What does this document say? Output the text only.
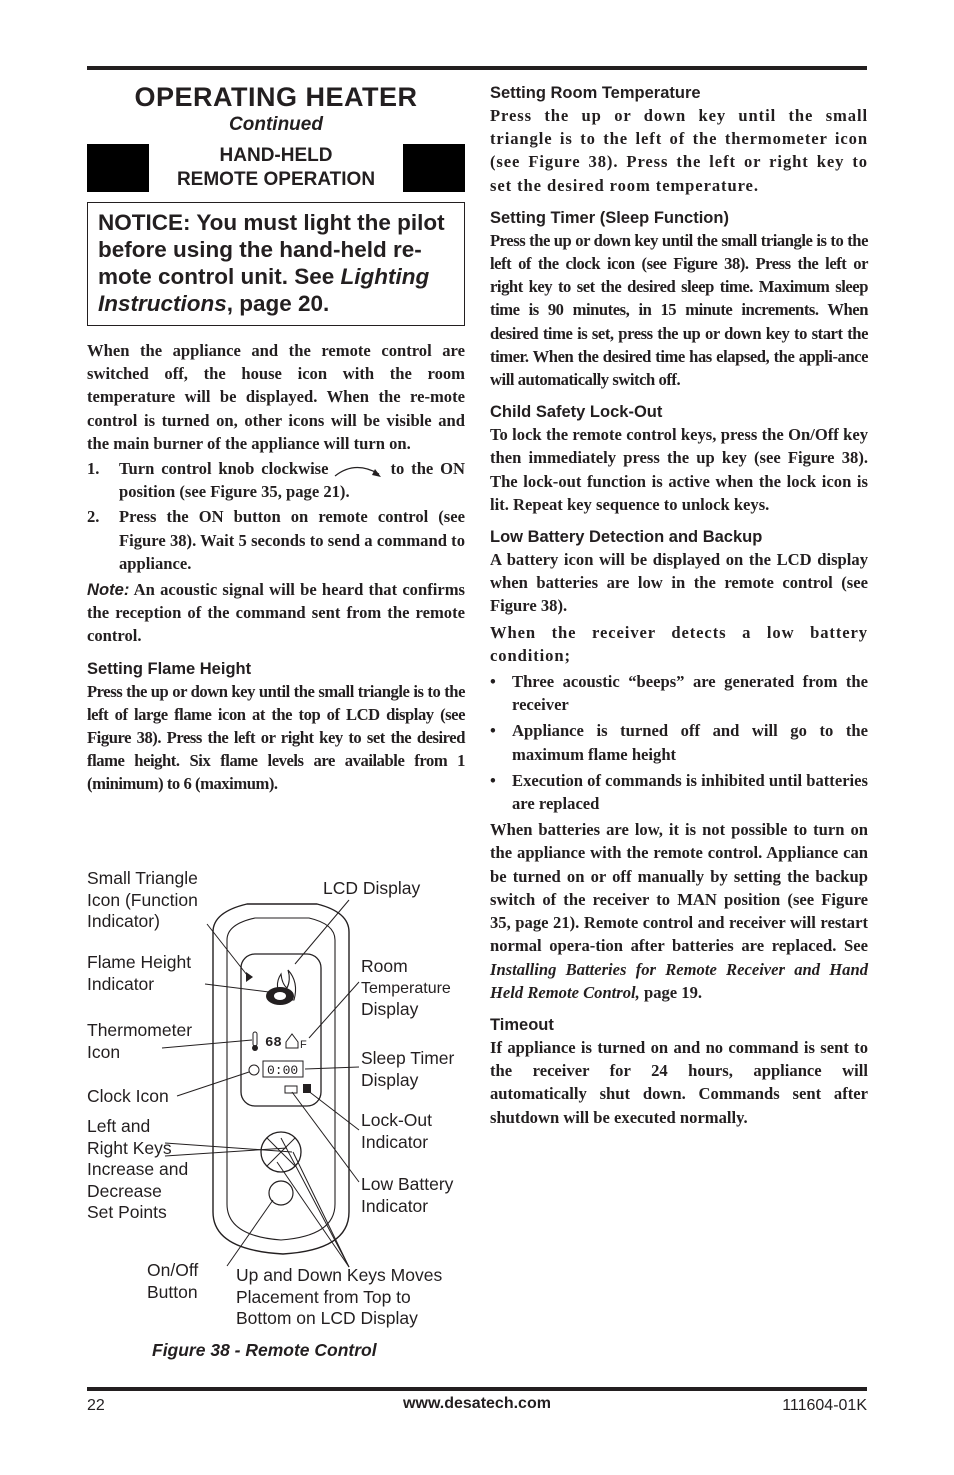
OPERATING HEATER
Continued
HAND-HELD
REMOTE OPERATION
NOTICE: You must light the pilot before using the hand-held re-mote control unit. See Lighting Instructions, page 20.

When the appliance and the remote control are switched off, the house icon with the room temperature will be displayed. When the re-mote control is turned on, other icons will be visible and the main burner of the appliance will turn on.

1.	Turn control knob clockwise	to the ON position (see Figure 35, page 21).
2.	Press the ON button on remote control (see Figure 38). Wait 5 seconds to send a command to appliance.

Note: An acoustic signal will be heard that confirms the reception of the command sent from the remote control.

Setting Flame Height

Press the up or down key until the small triangle is to the left of large flame icon at the top of LCD display (see Figure 38). Press the left or right key to set the desired flame height. Six flame levels are available from 1 (minimum) to 6 (maximum).

68 F
0:00
Small Triangle
Icon (Function
Indicator)
LCD Display
Flame Height
Indicator
Room
Temperature
Display
Thermometer
Icon	Sleep Timer
Display
Clock Icon
Lock-Out
Indicator
Left and
Right Keys
Increase and
Decrease
Set Points
Low Battery
Indicator
On/Off
Button
Up and Down Keys Moves
Placement from Top to
Bottom on LCD Display
Figure 38 - Remote Control
Setting Room Temperature

Press the up or down key until the small triangle is to the left of the thermometer icon (see Figure 38). Press the left or right key to set the desired room temperature.

Setting Timer (Sleep Function)

Press the up or down key until the small triangle is to the left of the clock icon (see Figure 38). Press the left or right key to set the desired sleep time. Maximum sleep time is 90 minutes, in 15 minute increments. When desired time is set, press the up or down key to start the timer. When the desired time has elapsed, the appli-ance will automatically switch off.

Child Safety Lock-Out

To lock the remote control keys, press the On/Off key then immediately press the up key (see Figure 38). The lock-out function is active when the lock icon is lit. Repeat key sequence to unlock keys.

Low Battery Detection and Backup

A battery icon will be displayed on the LCD display when batteries are low in the remote control (see Figure 38).

When the receiver detects a low battery condition;

• Three acoustic “beeps” are generated from the receiver
• Appliance is turned off and will go to the maximum flame height
• Execution of commands is inhibited until batteries are replaced

When batteries are low, it is not possible to turn on the appliance with the remote control. Appliance can be turned on or off manually by setting the backup switch of the receiver to MAN position (see Figure 35, page 21). Remote control and receiver will restart normal opera-tion after batteries are replaced. See Installing Batteries for Remote Receiver and Hand Held Remote Control, page 19.

Timeout

If appliance is turned on and no command is sent to the receiver for 24 hours, appliance will automatically shut down. Commands sent after shutdown will be executed normally.

22	www.desatech.com	111604-01K
